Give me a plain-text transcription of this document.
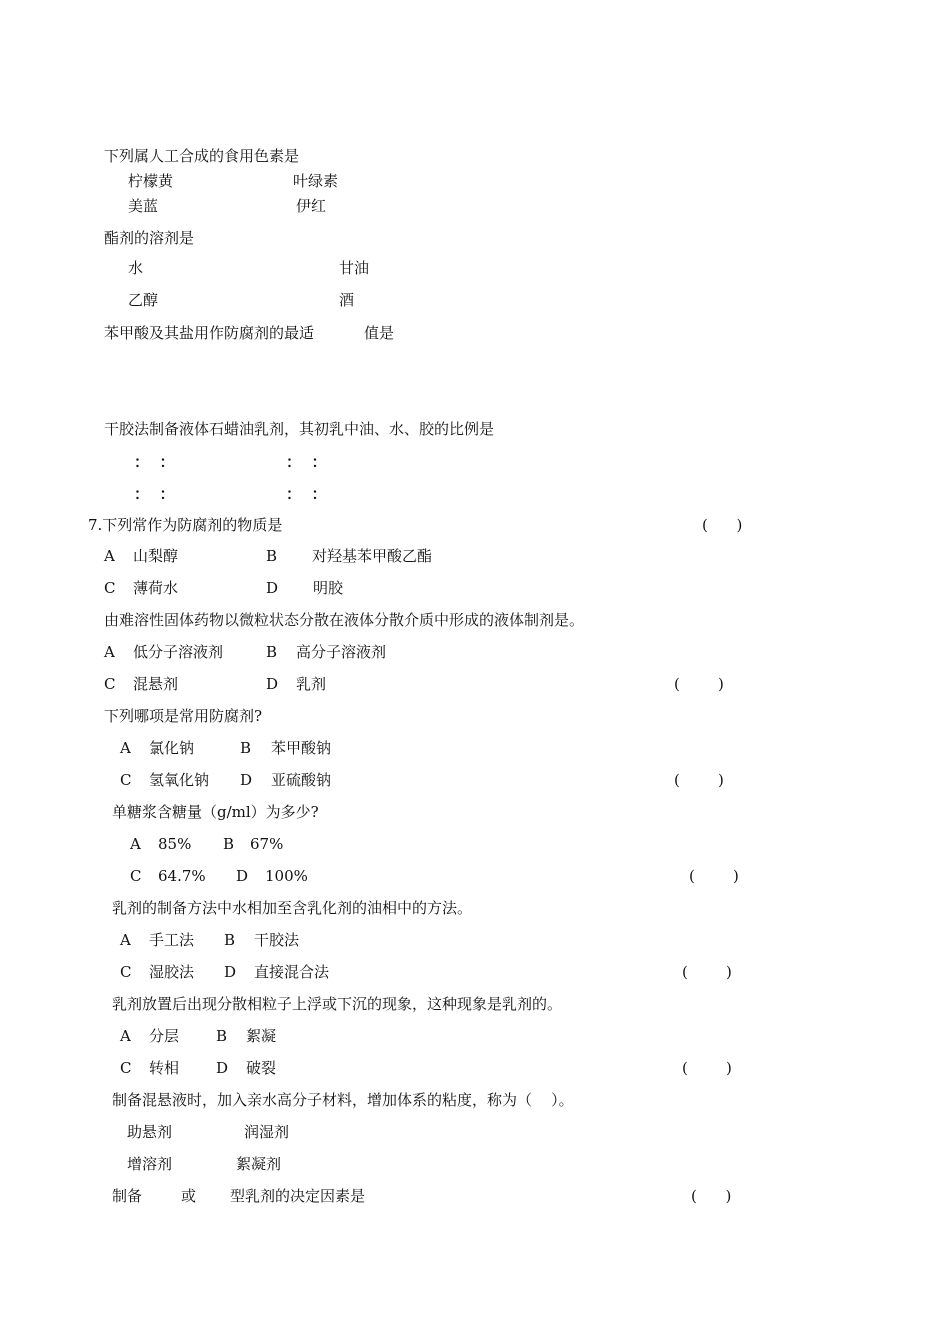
下列属人工合成的食用色素是
柠檬黄	叶绿素
美蓝	伊红
酯剂的溶剂是
水	甘油
乙醇	酒
苯甲酸及其盐用作防腐剂的最适	值是
干胶法制备液体石蜡油乳剂，其初乳中油、水、胶的比例是
：  ：	：  ：
：  ：	：  ：
7.下列常作为防腐剂的物质是	(      )
A 山梨醇	B 对羟基苯甲酸乙酯
C 薄荷水	D 明胶
由难溶性固体药物以微粒状态分散在液体分散介质中形成的液体制剂是。
A 低分子溶液剂	B 高分子溶液剂
C 混悬剂	D 乳剂	(        )
下列哪项是常用防腐剂?
A 氯化钠	B 苯甲酸钠
C 氢氧化钠 D 亚硫酸钠	(        )
单糖浆含糖量（g/ml）为多少?
A 85% B 67%
C 64.7% D 100%	(        )
乳剂的制备方法中水相加至含乳化剂的油相中的方法。
A 手工法 B 干胶法
C 湿胶法 D 直接混合法	(        )
乳剂放置后出现分散相粒子上浮或下沉的现象，这种现象是乳剂的。
A 分层 B 絮凝
C 转相 D 破裂	(        )
制备混悬液时，加入亲水高分子材料，增加体系的粘度，称为（    ）。
助悬剂	润湿剂
增溶剂	絮凝剂
制备	或 型乳剂的决定因素是	(      )
